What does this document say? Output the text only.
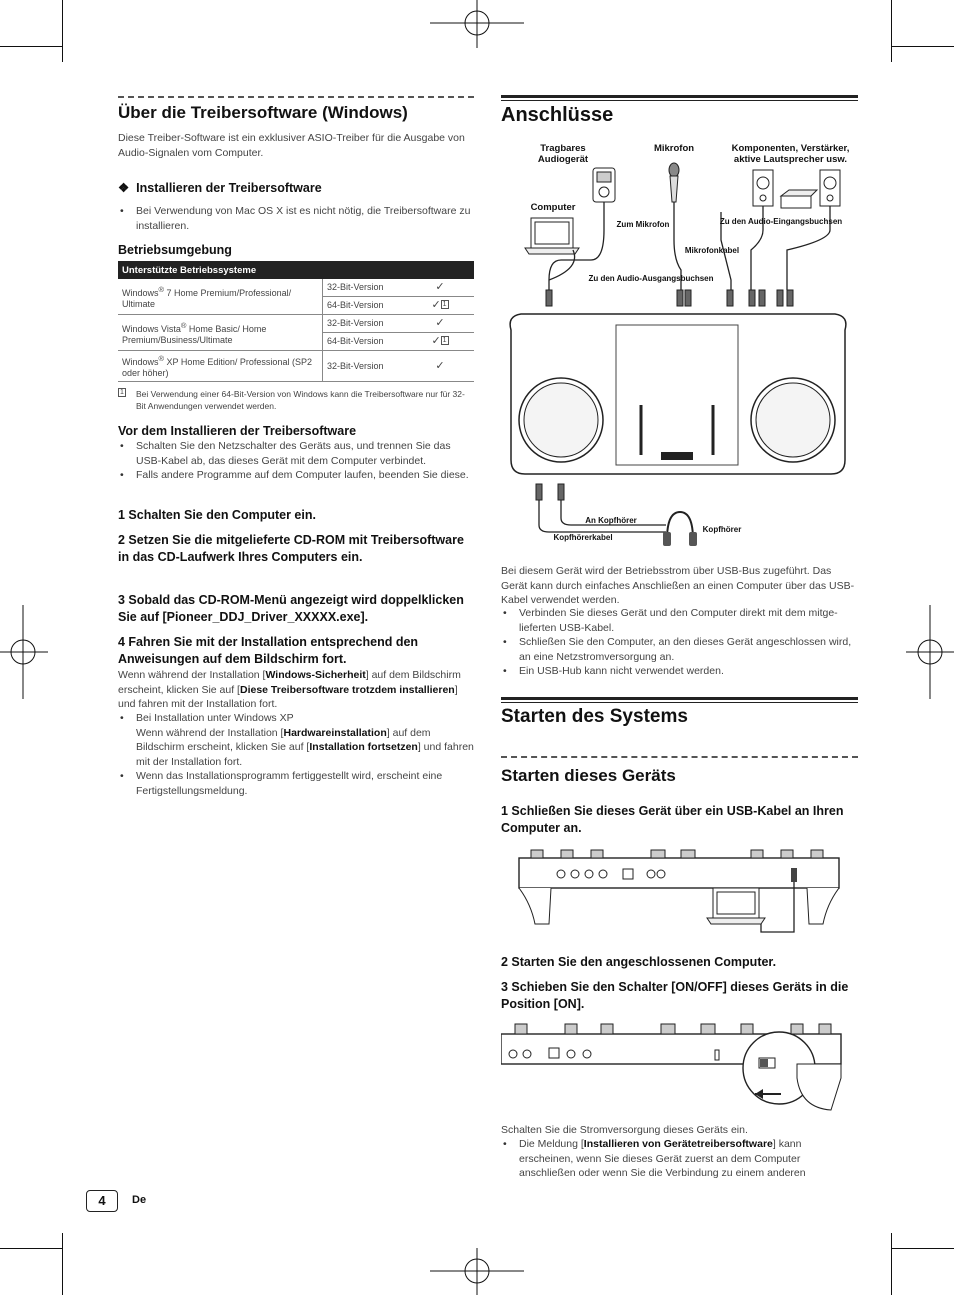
Über die Treibersoftware (Windows)
Diese Treiber-Software ist ein exklusiver ASIO-Treiber für die Ausgabe von Audio-Signalen vom Computer.
❖ Installieren der Treibersoftware
• Bei Verwendung von Mac OS X ist es nicht nötig, die Treibersoftware zu installieren.
Betriebsumgebung
Unterstützte Betriebssysteme		
Windows® 7 Home Premium/Professional/ Ultimate	32-Bit-Version	✓
	64-Bit-Version	✓ 1
Windows Vista® Home Basic/ Home Premium/Business/Ultimate	32-Bit-Version	✓
	64-Bit-Version	✓ 1
Windows® XP Home Edition/ Professional (SP2 oder höher)	32-Bit-Version	✓
1 Bei Verwendung einer 64-Bit-Version von Windows kann die Treibersoftware nur für 32-Bit Anwendungen verwendet werden.
Vor dem Installieren der Treibersoftware
• Schalten Sie den Netzschalter des Geräts aus, und trennen Sie das USB-Kabel ab, das dieses Gerät mit dem Computer verbindet.
• Falls andere Programme auf dem Computer laufen, beenden Sie diese.
1 Schalten Sie den Computer ein.
2 Setzen Sie die mitgelieferte CD-ROM mit Treibersoftware in das CD-Laufwerk Ihres Computers ein.
3 Sobald das CD-ROM-Menü angezeigt wird doppelklicken Sie auf [Pioneer_DDJ_Driver_XXXXX.exe].
4 Fahren Sie mit der Installation entsprechend den Anweisungen auf dem Bildschirm fort.
Wenn während der Installation [Windows-Sicherheit] auf dem Bildschirm erscheint, klicken Sie auf [Diese Treibersoftware trotzdem installieren] und fahren mit der Installation fort.
• Bei Installation unter Windows XP
Wenn während der Installation [Hardwareinstallation] auf dem Bildschirm erscheint, klicken Sie auf [Installation fortsetzen] und fahren mit der Installation fort.
• Wenn das Installationsprogramm fertiggestellt wird, erscheint eine Fertigstellungsmeldung.
Anschlüsse
Tragbares Audiogerät
Mikrofon	Komponenten, Verstärker, aktive Lautsprecher usw.
Computer
Zum Mikrofon	Zu den Audio-Eingangsbuchsen
Mikrofonkabel
Zu den Audio-Ausgangsbuchsen
An Kopfhörer
Kopfhörer
Kopfhörerkabel
Bei diesem Gerät wird der Betriebsstrom über USB-Bus zugeführt. Das Gerät kann durch einfaches Anschließen an einen Computer über das USB-Kabel verwendet werden.
• Verbinden Sie dieses Gerät und den Computer direkt mit dem mitge-lieferten USB-Kabel.
• Schließen Sie den Computer, an den dieses Gerät angeschlossen wird, an eine Netzstromversorgung an.
• Ein USB-Hub kann nicht verwendet werden.
Starten des Systems
Starten dieses Geräts
1 Schließen Sie dieses Gerät über ein USB-Kabel an Ihren Computer an.
2 Starten Sie den angeschlossenen Computer.
3 Schieben Sie den Schalter [ON/OFF] dieses Geräts in die Position [ON].
Schalten Sie die Stromversorgung dieses Geräts ein.
• Die Meldung [Installieren von Gerätetreibersoftware] kann erscheinen, wenn Sie dieses Gerät zuerst an dem Computer anschließen oder wenn Sie die Verbindung zu einem anderen
4	De
